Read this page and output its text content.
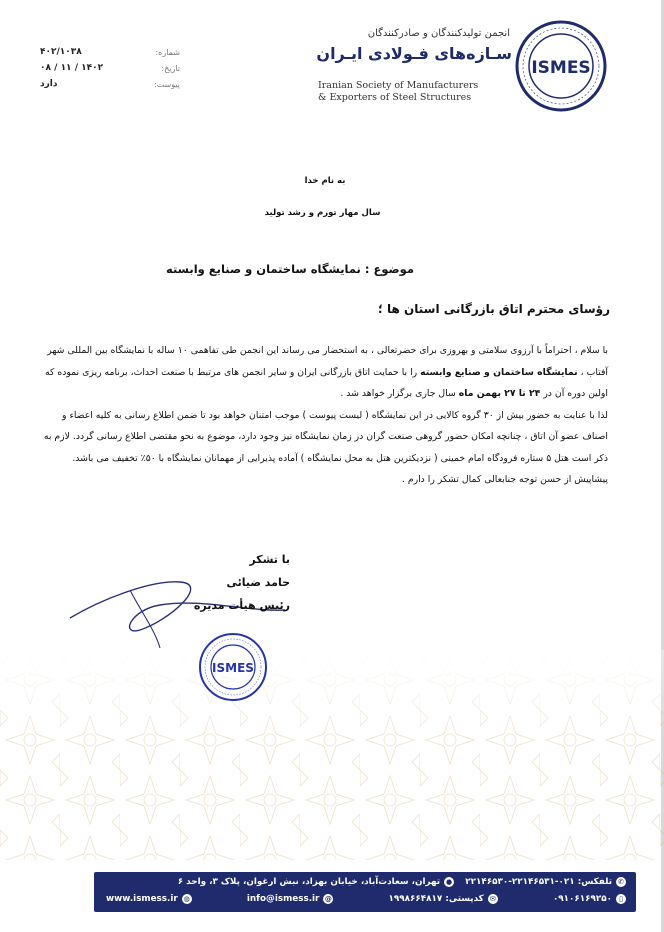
ISMES
انجمن تولیدکنندگان و صادرکنندگان
سـازه‌های فـولادی ایـران
Iranian Society of Manufacturers
& Exporters of Steel Structures
شماره:
۴۰۲/۱۰۳۸
تاریخ:
۱۴۰۲ / ۱۱ / ۰۸
پیوست:
دارد
به نام خدا
سال مهار تورم و رشد تولید
موضوع : نمایشگاه ساختمان و صنایع وابسته
رؤسای محترم اتاق بازرگانی استان ها ؛

با سلام ، احتراماً با آرزوی سلامتی و بهروزی برای حضرتعالی ، به استحضار می رساند این انجمن طی تفاهمی ۱۰ ساله با نمایشگاه بین المللی شهر آفتاب ، نمایشگاه ساختمان و صنایع وابسته را با حمایت اتاق بازرگانی ایران و سایر انجمن های مرتبط با صنعت احداث، برنامه ریزی نموده که اولین دوره آن در ۲۴ تا ۲۷ بهمن ماه سال جاری برگزار خواهد شد .

لذا با عنایت به حضور بیش از ۳۰ گروه کالایی در این نمایشگاه ( لیست پیوست ) موجب امتنان خواهد بود تا ضمن اطلاع رسانی به کلیه اعضاء و اصناف عضو آن اتاق ، چنانچه امکان حضور گروهی صنعت گران در زمان نمایشگاه نیز وجود دارد، موضوع به نحو مقتضی اطلاع رسانی گردد. لازم به ذکر است هتل ۵ ستاره فرودگاه امام خمینی ( نزدیکترین هتل به محل نمایشگاه ) آماده پذیرایی از مهمانان نمایشگاه با ۵۰٪ تخفیف می باشد.

پیشاپیش از حسن توجه جنابعالی کمال تشکر را دارم .

با تشکر
حامد ضیائی
رئیس هیأت مدیره
ISMES
✆
تلفکس: ۰۲۱-۲۲۱۴۶۵۳۱-۲۲۱۴۶۵۳۰

●
تهران، سعادت‌آباد، خیابان بهزاد، نبش ارغوان، پلاک ۳، واحد ۶
▯
۰۹۱۰۶۱۶۹۲۵۰
✉
کدپستی: ۱۹۹۸۶۶۴۸۱۷
@
info@ismess.ir
◍
www.ismess.ir
